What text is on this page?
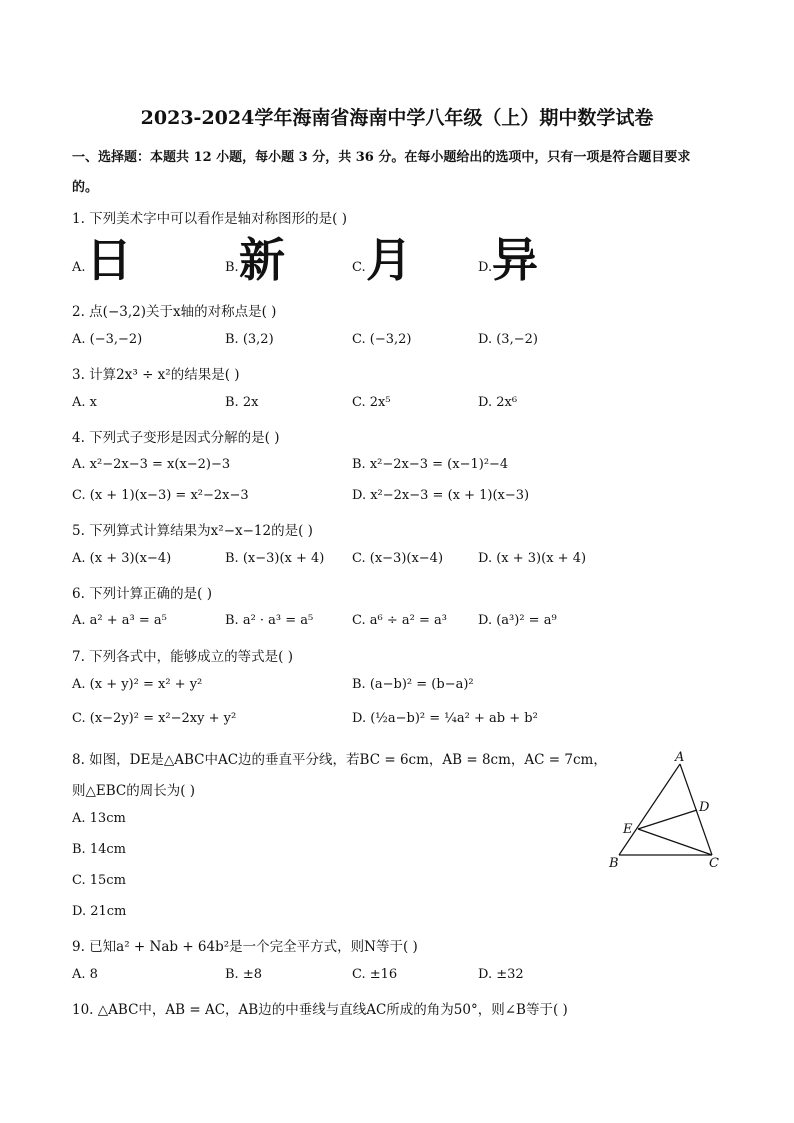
2023-2024学年海南省海南中学八年级（上）期中数学试卷
一、选择题：本题共 12 小题，每小题 3 分，共 36 分。在每小题给出的选项中，只有一项是符合题目要求
的。
1. 下列美术字中可以看作是轴对称图形的是( )
A. 日	B. 新	C. 月	D. 异
2. 点(−3,2)关于x轴的对称点是( )
A. (−3,−2)	B. (3,2)	C. (−3,2)	D. (3,−2)
3. 计算2x³ ÷ x²的结果是( )
A. x	B. 2x	C. 2x⁵	D. 2x⁶
4. 下列式子变形是因式分解的是( )
A. x²−2x−3 = x(x−2)−3	B. x²−2x−3 = (x−1)²−4
C. (x + 1)(x−3) = x²−2x−3	D. x²−2x−3 = (x + 1)(x−3)
5. 下列算式计算结果为x²−x−12的是( )
A. (x + 3)(x−4)	B. (x−3)(x + 4) C. (x−3)(x−4)	D. (x + 3)(x + 4)
6. 下列计算正确的是( )
A. a² + a³ = a⁵	B. a² · a³ = a⁵	C. a⁶ ÷ a² = a³ D. (a³)² = a⁹
7. 下列各式中，能够成立的等式是( )
A. (x + y)² = x² + y²	B. (a−b)² = (b−a)²
C. (x−2y)² = x²−2xy + y²	D. (½a−b)² = ¼a² + ab + b²
8. 如图，DE是△ABC中AC边的垂直平分线，若BC = 6cm，AB = 8cm，AC = 7cm，
则△EBC的周长为( )
A. 13cm
B. 14cm
C. 15cm
D. 21cm
A
D
E
B	C
9. 已知a² + Nab + 64b²是一个完全平方式，则N等于( )
A. 8	B. ±8	C. ±16	D. ±32
10. △ABC中，AB = AC，AB边的中垂线与直线AC所成的角为50°，则∠B等于( )
